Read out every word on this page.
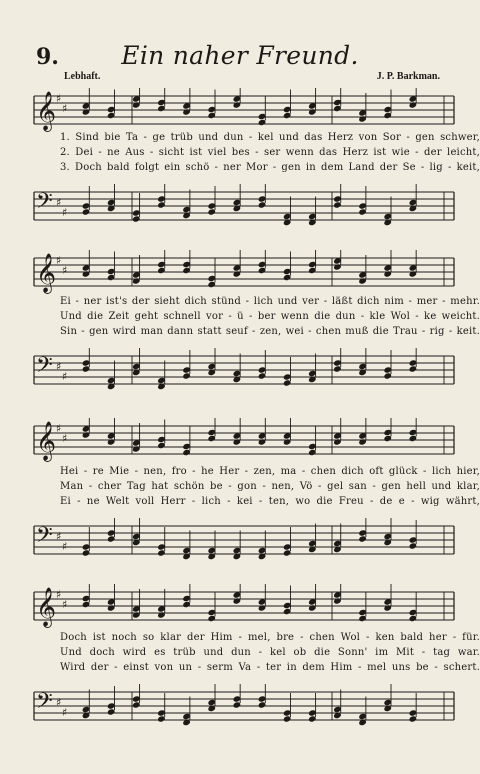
9.	Ein naher Freund.
Lebhaft.	J. P. Barkman.
𝄞 ♯
♯
1. Sind bie Ta - ge trüb und dun - kel und das Herz von Sor - gen schwer,
2. Dei - ne Aus - sicht ist viel bes - ser wenn das Herz ist wie - der leicht,
3. Doch bald folgt ein schö - ner Mor - gen in dem Land der Se - lig - keit,
𝄢 ♯
♯
𝄞 ♯
♯
Ei - ner ist's der sieht dich stünd - lich und ver - läßt dich nim - mer - mehr.
Und die Zeit geht schnell vor - ü - ber wenn die dun - kle Wol - ke weicht.
Sin - gen wird man dann statt seuf - zen, wei - chen muß die Trau - rig - keit.
𝄢 ♯
♯
𝄞 ♯
♯
Hei - re Mie - nen, fro - he Her - zen, ma - chen dich oft glück - lich hier,
Man - cher Tag hat schön be - gon - nen, Vö - gel san - gen hell und klar,
Ei - ne Welt voll Herr - lich - kei - ten, wo die Freu - de e - wig währt,
𝄢 ♯
♯
𝄞 ♯
♯
Doch ist noch so klar der Him - mel, bre - chen Wol - ken bald her - für.
Und doch wird es trüb und dun - kel ob die Sonn' im Mit - tag war.
Wird der - einst von un - serm Va - ter in dem Him - mel uns be - schert.
𝄢 ♯
♯
